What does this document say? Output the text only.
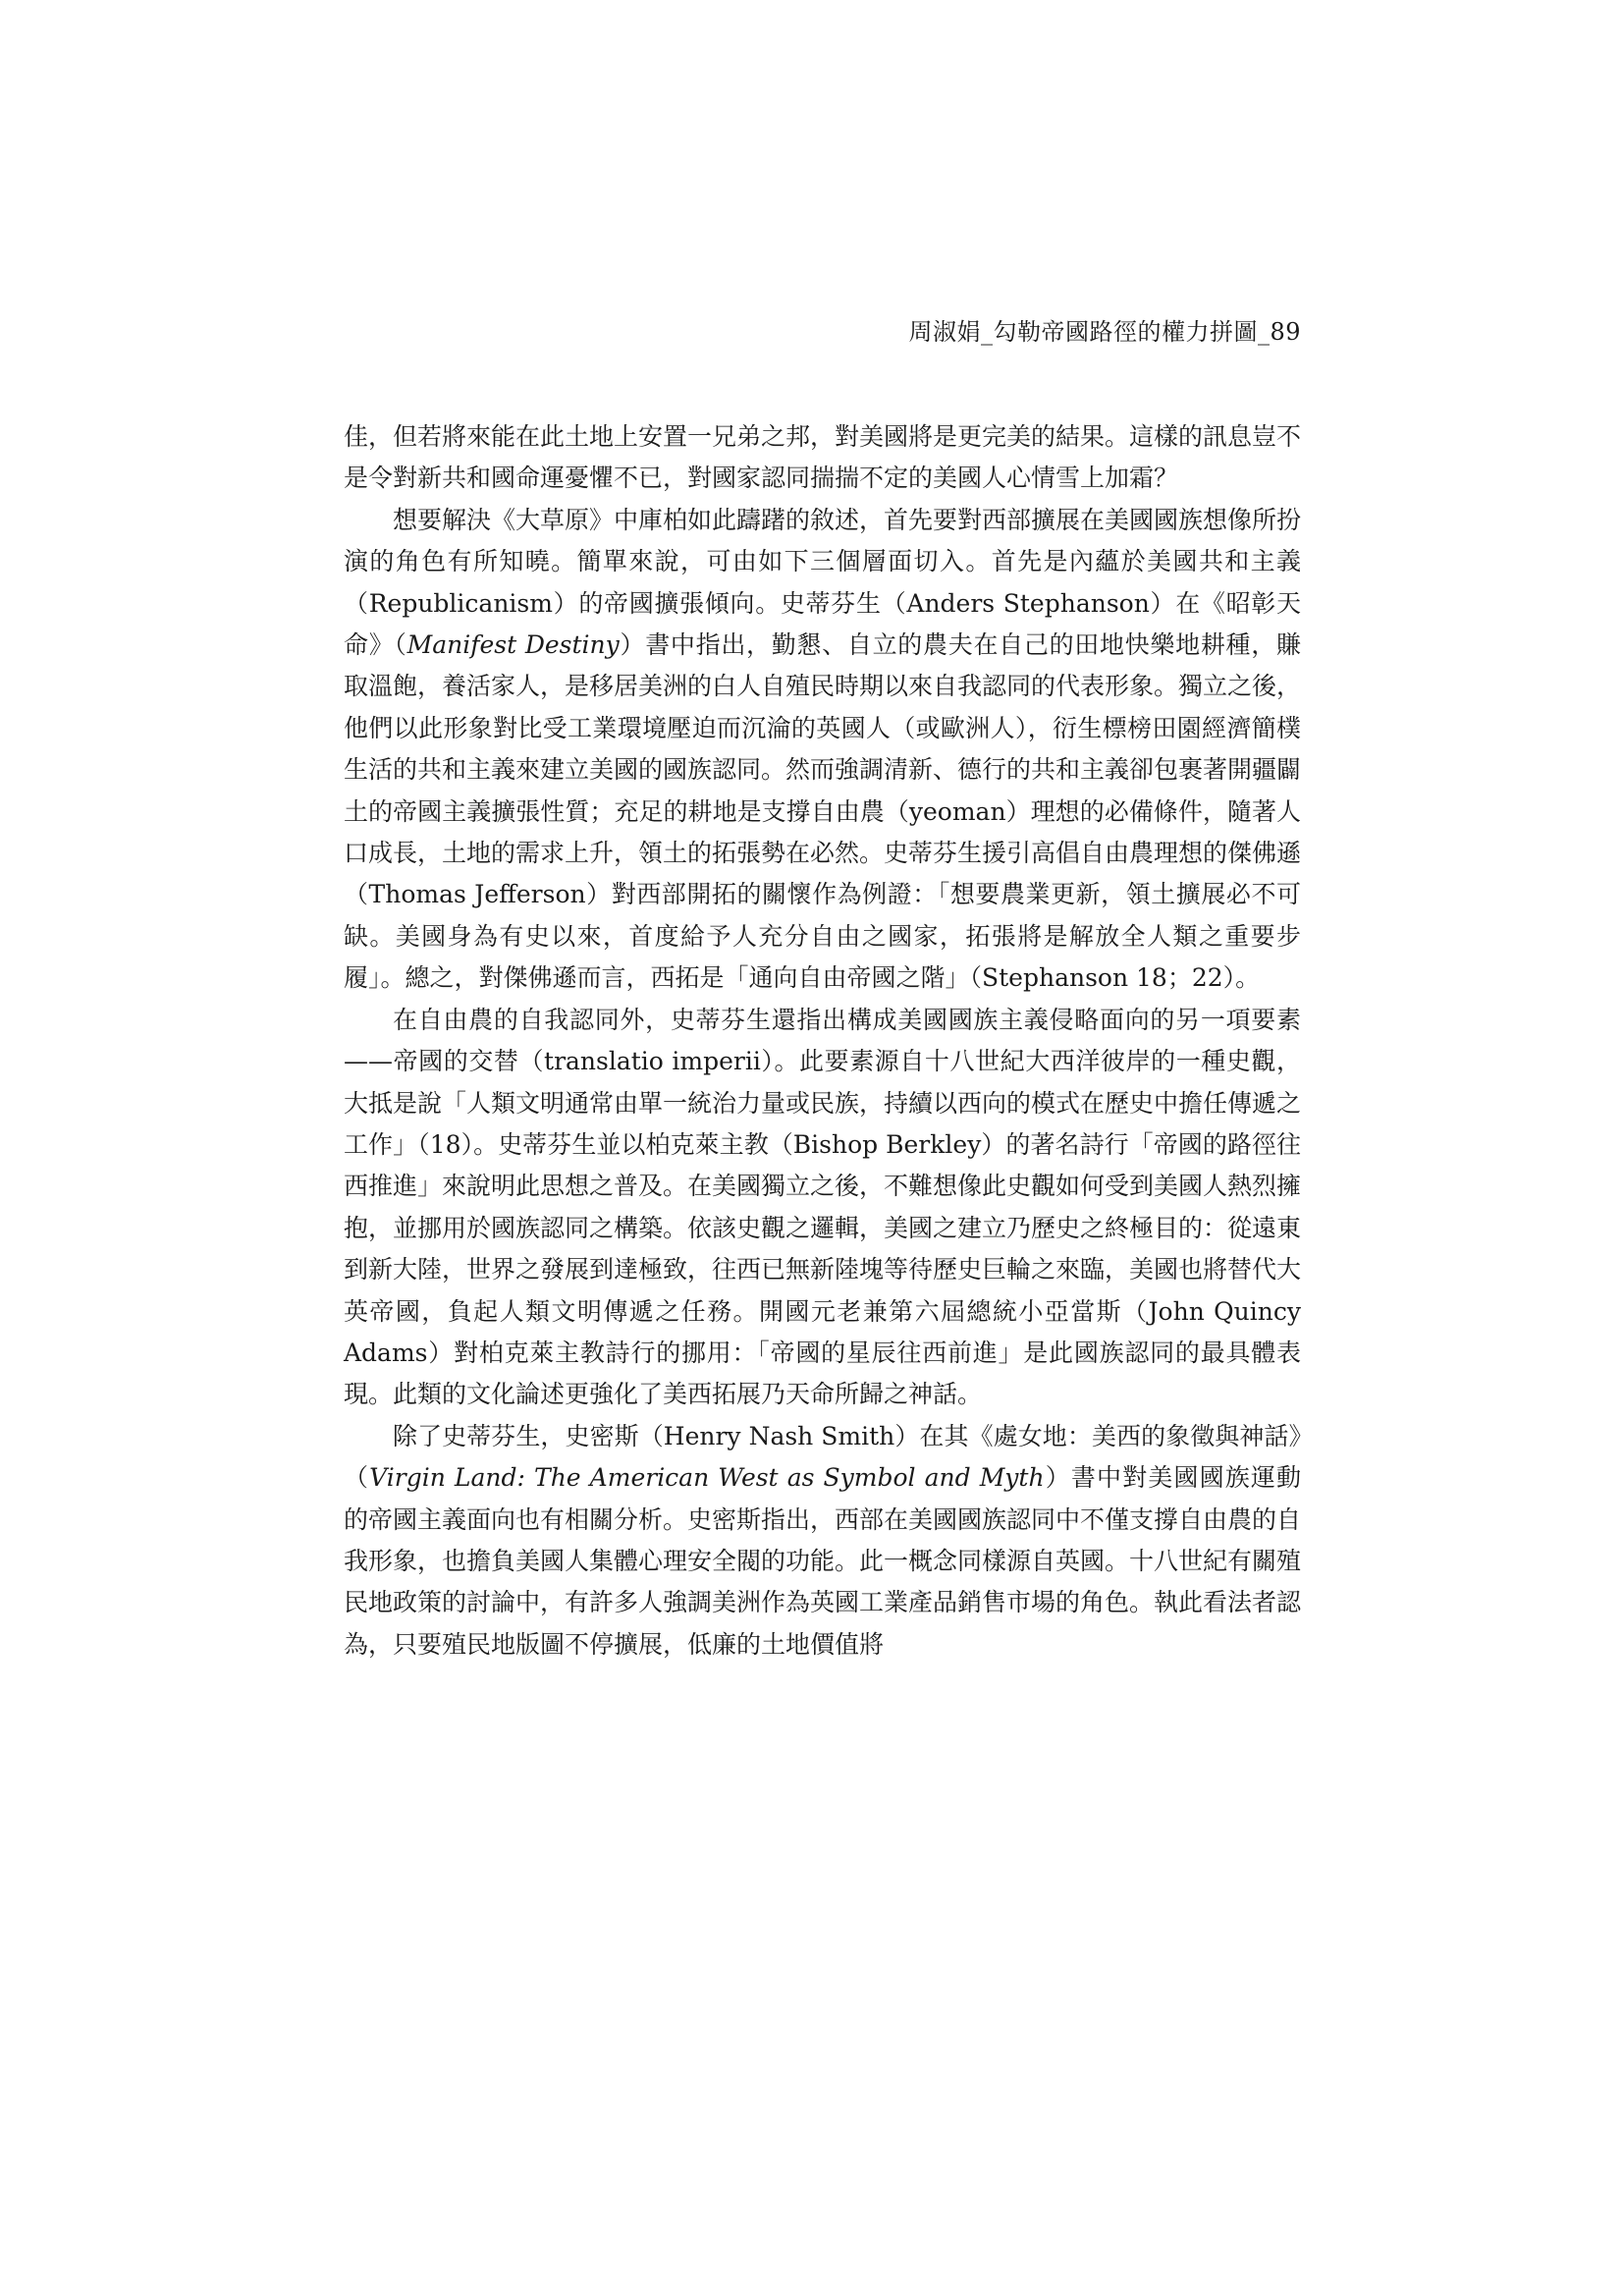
周淑娟_勾勒帝國路徑的權力拼圖_89

佳，但若將來能在此土地上安置一兄弟之邦，對美國將是更完美的結果。這樣的訊息豈不是令對新共和國命運憂懼不已，對國家認同揣揣不定的美國人心情雪上加霜？

想要解決《大草原》中庫柏如此躊躇的敘述，首先要對西部擴展在美國國族想像所扮演的角色有所知曉。簡單來說，可由如下三個層面切入。首先是內蘊於美國共和主義（Republicanism）的帝國擴張傾向。史蒂芬生（Anders Stephanson）在《昭彰天命》（Manifest Destiny）書中指出，勤懇、自立的農夫在自己的田地快樂地耕種，賺取溫飽，養活家人，是移居美洲的白人自殖民時期以來自我認同的代表形象。獨立之後，他們以此形象對比受工業環境壓迫而沉淪的英國人（或歐洲人），衍生標榜田園經濟簡樸生活的共和主義來建立美國的國族認同。然而強調清新、德行的共和主義卻包裹著開疆闢土的帝國主義擴張性質；充足的耕地是支撐自由農（yeoman）理想的必備條件，隨著人口成長，土地的需求上升，領土的拓張勢在必然。史蒂芬生援引高倡自由農理想的傑佛遜（Thomas Jefferson）對西部開拓的關懷作為例證：「想要農業更新，領土擴展必不可缺。美國身為有史以來，首度給予人充分自由之國家，拓張將是解放全人類之重要步履」。總之，對傑佛遜而言，西拓是「通向自由帝國之階」（Stephanson 18；22）。

在自由農的自我認同外，史蒂芬生還指出構成美國國族主義侵略面向的另一項要素——帝國的交替（translatio imperii）。此要素源自十八世紀大西洋彼岸的一種史觀，大抵是說「人類文明通常由單一統治力量或民族，持續以西向的模式在歷史中擔任傳遞之工作」（18）。史蒂芬生並以柏克萊主教（Bishop Berkley）的著名詩行「帝國的路徑往西推進」來說明此思想之普及。在美國獨立之後，不難想像此史觀如何受到美國人熱烈擁抱，並挪用於國族認同之構築。依該史觀之邏輯，美國之建立乃歷史之終極目的：從遠東到新大陸，世界之發展到達極致，往西已無新陸塊等待歷史巨輪之來臨，美國也將替代大英帝國，負起人類文明傳遞之任務。開國元老兼第六屆總統小亞當斯（John Quincy Adams）對柏克萊主教詩行的挪用：「帝國的星辰往西前進」是此國族認同的最具體表現。此類的文化論述更強化了美西拓展乃天命所歸之神話。

除了史蒂芬生，史密斯（Henry Nash Smith）在其《處女地：美西的象徵與神話》（Virgin Land: The American West as Symbol and Myth）書中對美國國族運動的帝國主義面向也有相關分析。史密斯指出，西部在美國國族認同中不僅支撐自由農的自我形象，也擔負美國人集體心理安全閥的功能。此一概念同樣源自英國。十八世紀有關殖民地政策的討論中，有許多人強調美洲作為英國工業產品銷售市場的角色。執此看法者認為，只要殖民地版圖不停擴展，低廉的土地價值將
